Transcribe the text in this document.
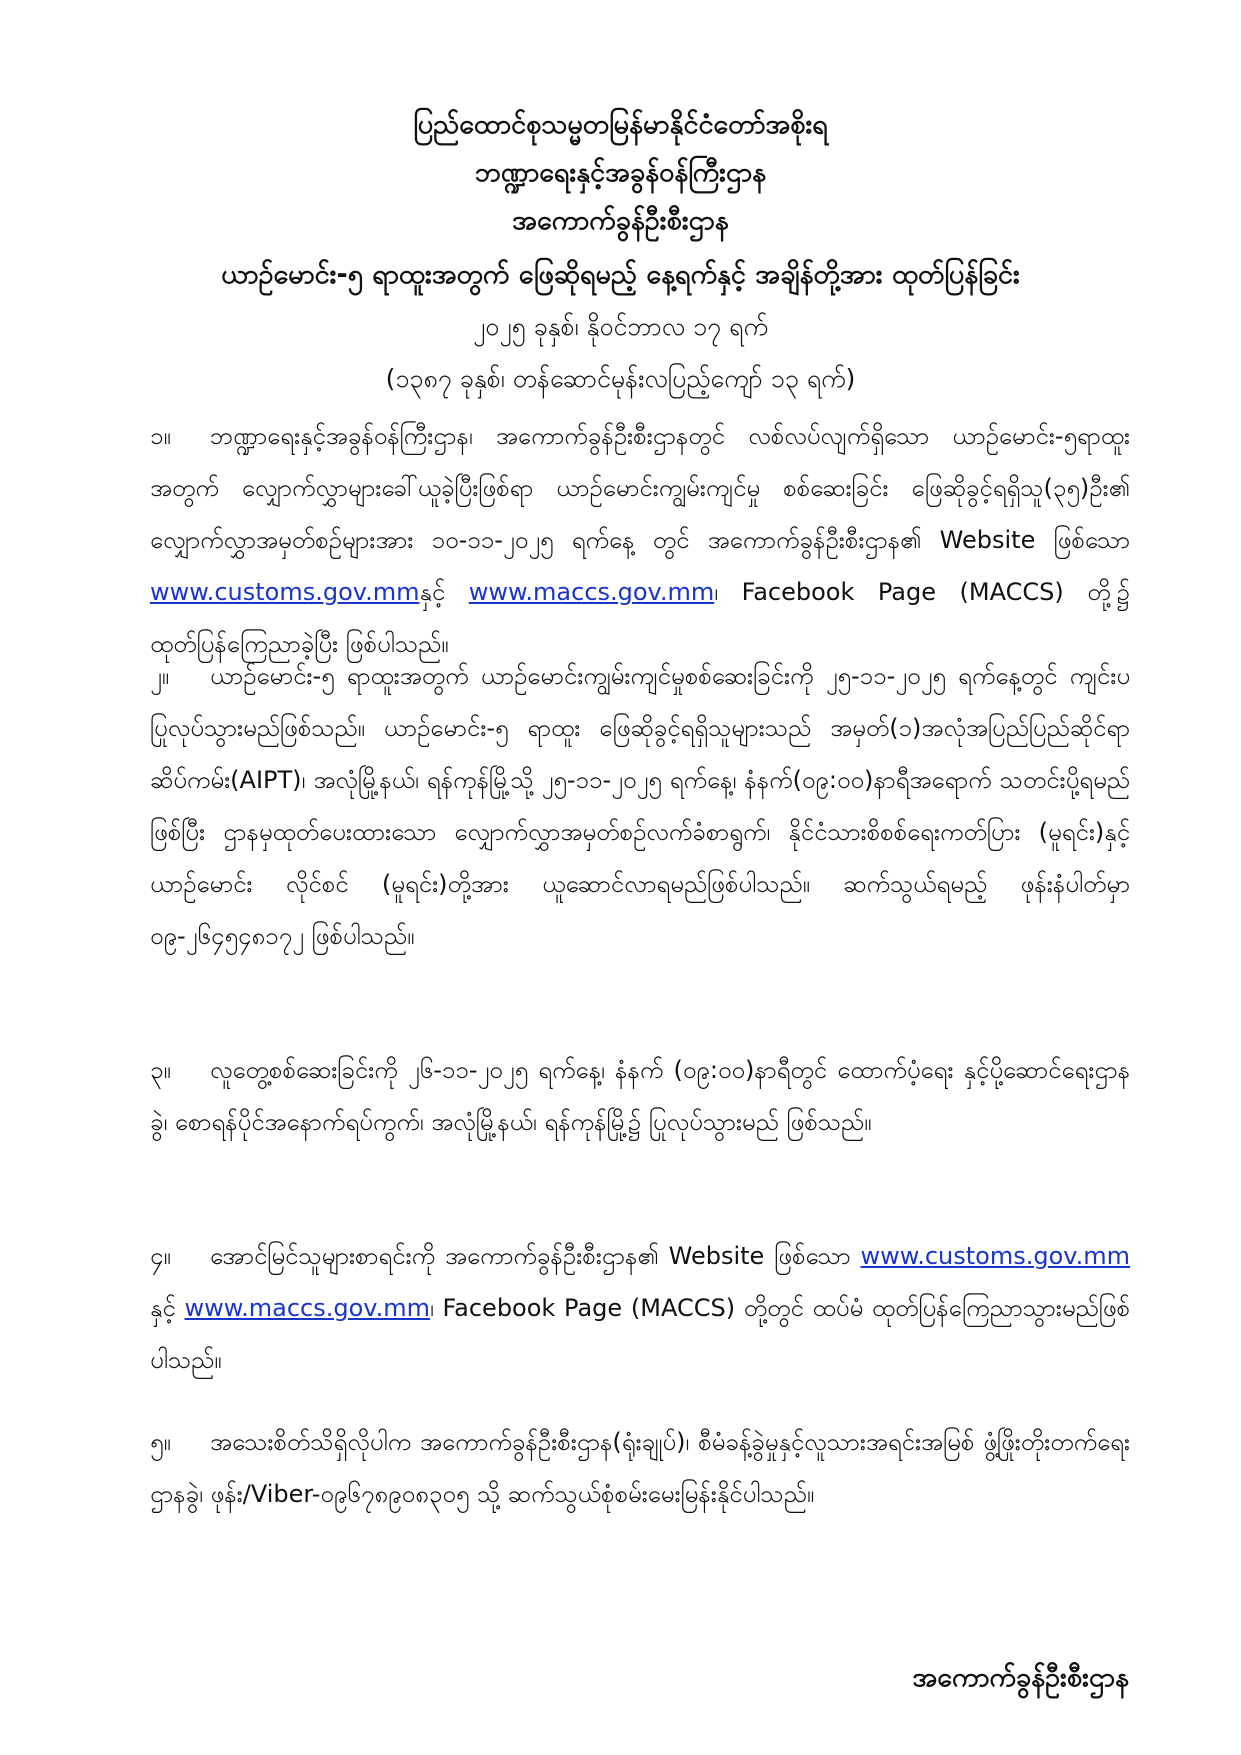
ပြည်ထောင်စုသမ္မတမြန်မာနိုင်ငံတော်အစိုးရ
ဘဏ္ဍာရေးနှင့်အခွန်ဝန်ကြီးဌာန
အကောက်ခွန်ဦးစီးဌာန
ယာဉ်မောင်း-၅ ရာထူးအတွက် ဖြေဆိုရမည့် နေ့ရက်နှင့် အချိန်တို့အား ထုတ်ပြန်ခြင်း
၂၀၂၅ ခုနှစ်၊ နိုဝင်ဘာလ ၁၇ ရက်
(၁၃၈၇ ခုနှစ်၊ တန်ဆောင်မုန်းလပြည့်ကျော် ၁၃ ရက်)

၁။ ဘဏ္ဍာရေးနှင့်အခွန်ဝန်ကြီးဌာန၊ အကောက်ခွန်ဦးစီးဌာနတွင် လစ်လပ်လျက်ရှိသော ယာဉ်မောင်း-၅ရာထူးအတွက် လျှောက်လွှာများခေါ်ယူခဲ့ပြီးဖြစ်ရာ ယာဉ်မောင်းကျွမ်းကျင်မှု စစ်ဆေးခြင်း ဖြေဆိုခွင့်ရရှိသူ(၃၅)ဦး၏ လျှောက်လွှာအမှတ်စဉ်များအား ၁၀-၁၁-၂၀၂၅ ရက်နေ့ တွင် အကောက်ခွန်ဦးစီးဌာန၏ Website ဖြစ်သော www.customs.gov.mmနှင့် www.maccs.gov.mm၊ Facebook Page (MACCS) တို့၌ ထုတ်ပြန်ကြေညာခဲ့ပြီး ဖြစ်ပါသည်။

၂။ ယာဉ်မောင်း-၅ ရာထူးအတွက် ယာဉ်မောင်းကျွမ်းကျင်မှုစစ်ဆေးခြင်းကို ၂၅-၁၁-၂၀၂၅ ရက်နေ့တွင် ကျင်းပပြုလုပ်သွားမည်ဖြစ်သည်။ ယာဉ်မောင်း-၅ ရာထူး ဖြေဆိုခွင့်ရရှိသူများသည် အမှတ်(၁)အလုံအပြည်ပြည်ဆိုင်ရာဆိပ်ကမ်း(AIPT)၊ အလုံမြို့နယ်၊ ရန်ကုန်မြို့သို့ ၂၅-၁၁-၂၀၂၅ ရက်နေ့၊ နံနက်(၀၉:၀၀)နာရီအရောက် သတင်းပို့ရမည်ဖြစ်ပြီး ဌာနမှထုတ်ပေးထားသော လျှောက်လွှာအမှတ်စဉ်လက်ခံစာရွက်၊ နိုင်ငံသားစိစစ်ရေးကတ်ပြား (မူရင်း)နှင့် ယာဉ်မောင်း လိုင်စင် (မူရင်း)တို့အား ယူဆောင်လာရမည်ဖြစ်ပါသည်။ ဆက်သွယ်ရမည့် ဖုန်းနံပါတ်မှာ ၀၉-၂၆၄၅၄၈၁၇၂ ဖြစ်ပါသည်။

၃။ လူတွေ့စစ်ဆေးခြင်းကို ၂၆-၁၁-၂၀၂၅ ရက်နေ့၊ နံနက် (၀၉:၀၀)နာရီတွင် ထောက်ပံ့ရေး နှင့်ပို့ဆောင်ရေးဌာနခွဲ၊ စောရန်ပိုင်အနောက်ရပ်ကွက်၊ အလုံမြို့နယ်၊ ရန်ကုန်မြို့၌ ပြုလုပ်သွားမည် ဖြစ်သည်။

၄။ အောင်မြင်သူများစာရင်းကို အကောက်ခွန်ဦးစီးဌာန၏ Website ဖြစ်သော www.customs.gov.mm နှင့် www.maccs.gov.mm၊ Facebook Page (MACCS) တို့တွင် ထပ်မံ ထုတ်ပြန်ကြေညာသွားမည်ဖြစ်ပါသည်။

၅။ အသေးစိတ်သိရှိလိုပါက အကောက်ခွန်ဦးစီးဌာန(ရုံးချုပ်)၊ စီမံခန့်ခွဲမှုနှင့်လူသားအရင်းအမြစ် ဖွံ့ဖြိုးတိုးတက်ရေးဌာနခွဲ၊ ဖုန်း/Viber-၀၉၆၇၈၉၀၈၃၀၅ သို့ ဆက်သွယ်စုံစမ်းမေးမြန်းနိုင်ပါသည်။

အကောက်ခွန်ဦးစီးဌာန
